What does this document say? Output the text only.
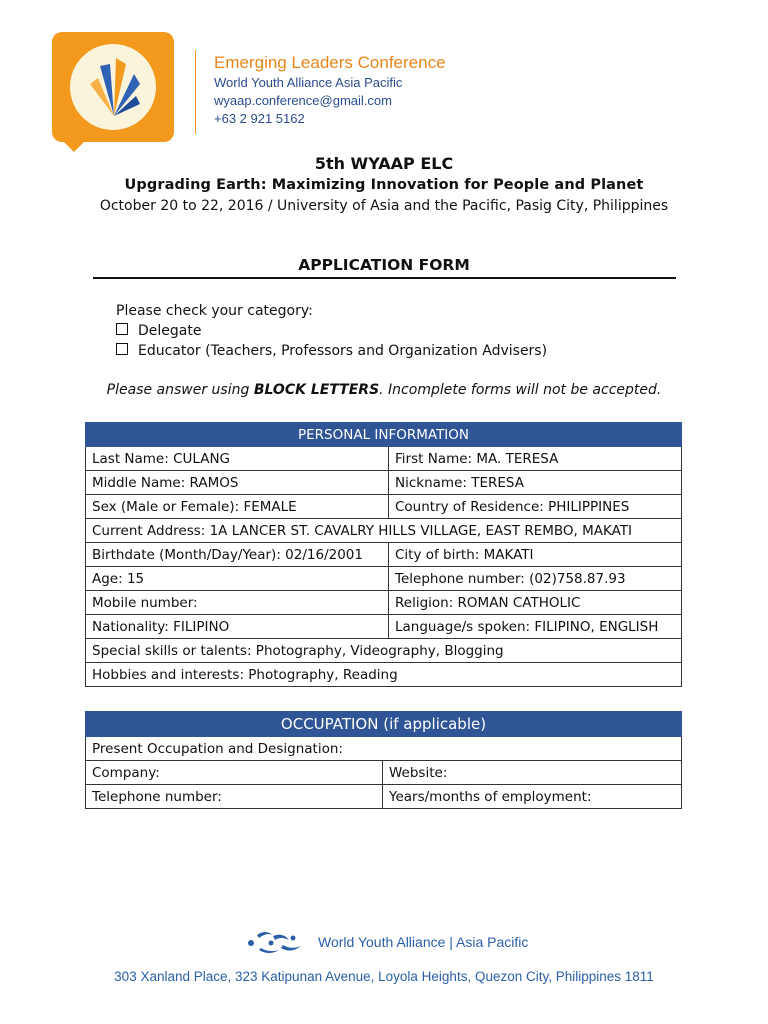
Emerging Leaders Conference
World Youth Alliance Asia Pacific
wyaap.conference@gmail.com
+63 2 921 5162
5th WYAAP ELC
Upgrading Earth: Maximizing Innovation for People and Planet
October 20 to 22, 2016 / University of Asia and the Pacific, Pasig City, Philippines
APPLICATION FORM
Please check your category:
Delegate
Educator (Teachers, Professors and Organization Advisers)
Please answer using BLOCK LETTERS. Incomplete forms will not be accepted.
PERSONAL INFORMATION	
Last Name: CULANG	First Name: MA. TERESA
Middle Name: RAMOS	Nickname: TERESA
Sex (Male or Female): FEMALE	Country of Residence: PHILIPPINES
Current Address: 1A LANCER ST. CAVALRY HILLS VILLAGE, EAST REMBO, MAKATI	
Birthdate (Month/Day/Year): 02/16/2001	City of birth: MAKATI
Age: 15	Telephone number: (02)758.87.93
Mobile number:	Religion: ROMAN CATHOLIC
Nationality: FILIPINO	Language/s spoken: FILIPINO, ENGLISH
Special skills or talents: Photography, Videography, Blogging	
Hobbies and interests: Photography, Reading	
OCCUPATION (if applicable)	
Present Occupation and Designation:	
Company:	Website:
Telephone number:	Years/months of employment:
World Youth Alliance | Asia Pacific
303 Xanland Place, 323 Katipunan Avenue, Loyola Heights, Quezon City, Philippines 1811
